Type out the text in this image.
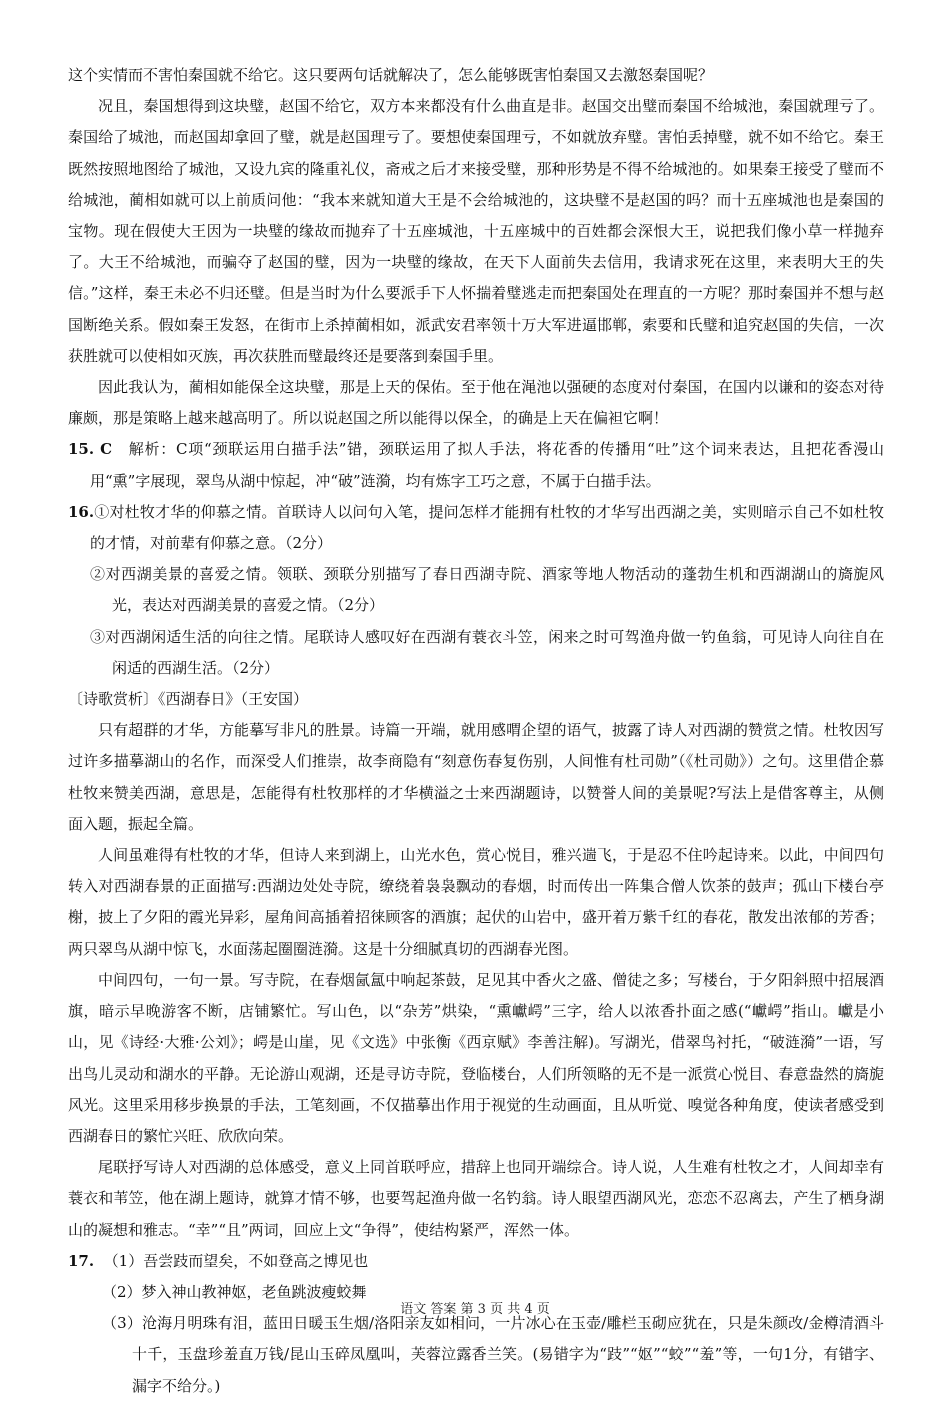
这个实情而不害怕秦国就不给它。这只要两句话就解决了，怎么能够既害怕秦国又去激怒秦国呢？

况且，秦国想得到这块璧，赵国不给它，双方本来都没有什么曲直是非。赵国交出璧而秦国不给城池，秦国就理亏了。秦国给了城池，而赵国却拿回了璧，就是赵国理亏了。要想使秦国理亏，不如就放弃璧。害怕丢掉璧，就不如不给它。秦王既然按照地图给了城池，又设九宾的隆重礼仪，斋戒之后才来接受璧，那种形势是不得不给城池的。如果秦王接受了璧而不给城池，蔺相如就可以上前质问他：“我本来就知道大王是不会给城池的，这块璧不是赵国的吗？而十五座城池也是秦国的宝物。现在假使大王因为一块璧的缘故而抛弃了十五座城池，十五座城中的百姓都会深恨大王，说把我们像小草一样抛弃了。大王不给城池，而骗夺了赵国的璧，因为一块璧的缘故，在天下人面前失去信用，我请求死在这里，来表明大王的失信。”这样，秦王未必不归还璧。但是当时为什么要派手下人怀揣着璧逃走而把秦国处在理直的一方呢？那时秦国并不想与赵国断绝关系。假如秦王发怒，在街市上杀掉蔺相如，派武安君率领十万大军进逼邯郸，索要和氏璧和追究赵国的失信，一次获胜就可以使相如灭族，再次获胜而璧最终还是要落到秦国手里。

因此我认为，蔺相如能保全这块璧，那是上天的保佑。至于他在渑池以强硬的态度对付秦国，在国内以谦和的姿态对待廉颇，那是策略上越来越高明了。所以说赵国之所以能得以保全，的确是上天在偏袒它啊！

15. C 解析：C项“颈联运用白描手法”错，颈联运用了拟人手法，将花香的传播用“吐”这个词来表达，且把花香漫山用“熏”字展现，翠鸟从湖中惊起，冲“破”涟漪，均有炼字工巧之意，不属于白描手法。

16.①对杜牧才华的仰慕之情。首联诗人以问句入笔，提问怎样才能拥有杜牧的才华写出西湖之美，实则暗示自己不如杜牧的才情，对前辈有仰慕之意。（2分）

②对西湖美景的喜爱之情。领联、颈联分别描写了春日西湖寺院、酒家等地人物活动的蓬勃生机和西湖湖山的旖旎风光，表达对西湖美景的喜爱之情。（2分）

③对西湖闲适生活的向往之情。尾联诗人感叹好在西湖有蓑衣斗笠，闲来之时可驾渔舟做一钓鱼翁，可见诗人向往自在闲适的西湖生活。（2分）

〔诗歌赏析〕《西湖春日》（王安国）

只有超群的才华，方能摹写非凡的胜景。诗篇一开端，就用感喟企望的语气，披露了诗人对西湖的赞赏之情。杜牧因写过许多描摹湖山的名作，而深受人们推崇，故李商隐有“刻意伤春复伤别，人间惟有杜司勋”（《杜司勋》）之句。这里借企慕杜牧来赞美西湖，意思是，怎能得有杜牧那样的才华横溢之士来西湖题诗，以赞誉人间的美景呢?写法上是借客尊主，从侧面入题，振起全篇。

人间虽难得有杜牧的才华，但诗人来到湖上，山光水色，赏心悦目，雅兴遄飞，于是忍不住吟起诗来。以此，中间四句转入对西湖春景的正面描写:西湖边处处寺院，缭绕着袅袅飘动的春烟，时而传出一阵集合僧人饮茶的鼓声；孤山下楼台亭榭，披上了夕阳的霞光异彩，屋角间高插着招徕顾客的酒旗；起伏的山岩中，盛开着万紫千红的春花，散发出浓郁的芳香；两只翠鸟从湖中惊飞，水面荡起圈圈涟漪。这是十分细腻真切的西湖春光图。

中间四句，一句一景。写寺院，在春烟氤氲中响起茶鼓，足见其中香火之盛、僧徒之多；写楼台，于夕阳斜照中招展酒旗，暗示早晚游客不断，店铺繁忙。写山色，以“杂芳”烘染，“熏巘崿”三字，给人以浓香扑面之感(“巘崿”指山。巘是小山，见《诗经·大雅·公刘》；崿是山崖，见《文选》中张衡《西京赋》李善注解)。写湖光，借翠鸟衬托，“破涟漪”一语，写出鸟儿灵动和湖水的平静。无论游山观湖，还是寻访寺院，登临楼台，人们所领略的无不是一派赏心悦目、春意盎然的旖旎风光。这里采用移步换景的手法，工笔刻画，不仅描摹出作用于视觉的生动画面，且从听觉、嗅觉各种角度，使读者感受到西湖春日的繁忙兴旺、欣欣向荣。

尾联抒写诗人对西湖的总体感受，意义上同首联呼应，措辞上也同开端综合。诗人说，人生难有杜牧之才，人间却幸有蓑衣和苇笠，他在湖上题诗，就算才情不够，也要驾起渔舟做一名钓翁。诗人眼望西湖风光，恋恋不忍离去，产生了栖身湖山的凝想和雅志。“幸”“且”两词，回应上文“争得”，使结构紧严，浑然一体。

17. （1）吾尝跂而望矣，不如登高之博见也

（2）梦入神山教神妪，老鱼跳波瘦蛟舞

（3）沧海月明珠有泪，蓝田日暖玉生烟/洛阳亲友如相问，一片冰心在玉壶/雕栏玉砌应犹在，只是朱颜改/金樽清酒斗十千，玉盘珍羞直万钱/昆山玉碎凤凰叫，芙蓉泣露香兰笑。(易错字为“跂”“妪”“蛟”“羞”等，一句1分，有错字、漏字不给分。)

语文 答案 第 3 页 共 4 页
